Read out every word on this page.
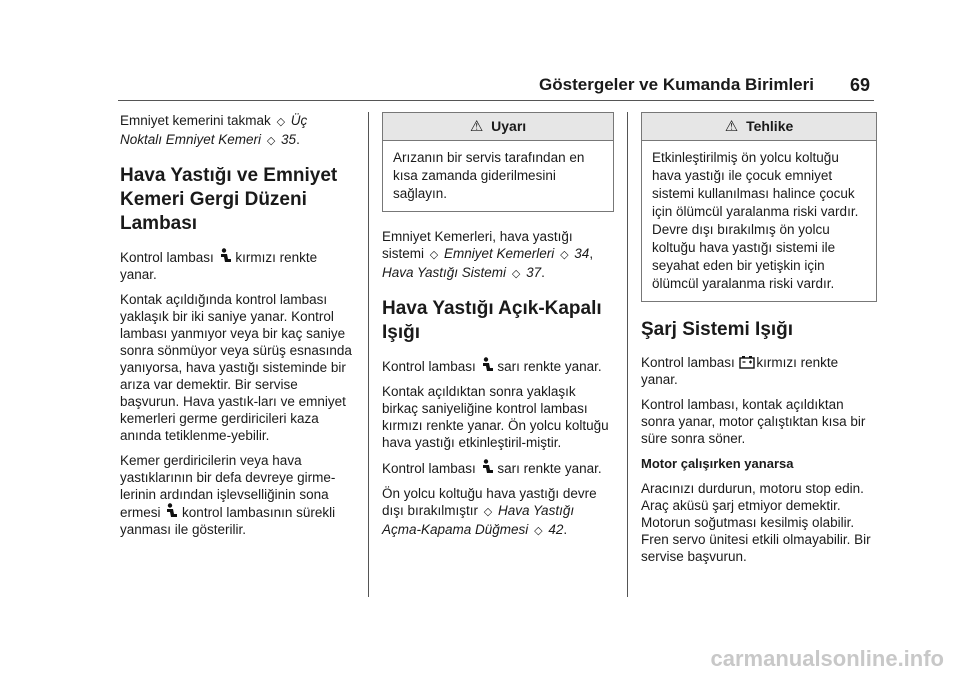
Göstergeler ve Kumanda Birimleri 69

Emniyet kemerini takmak ◇ Üç Noktalı Emniyet Kemeri ◇ 35.

Hava Yastığı ve Emniyet Kemeri Gergi Düzeni Lambası

Kontrol lambası kırmızı renkte yanar.

Kontak açıldığında kontrol lambası yaklaşık bir iki saniye yanar. Kontrol lambası yanmıyor veya bir kaç saniye sonra sönmüyor veya sürüş esnasında yanıyorsa, hava yastığı sisteminde bir arıza var demektir. Bir servise başvurun. Hava yastık-ları ve emniyet kemerleri germe gerdiricileri kaza anında tetiklenme-yebilir.

Kemer gerdiricilerin veya hava yastıklarının bir defa devreye girme-lerinin ardından işlevselliğinin sona ermesi kontrol lambasının sürekli yanması ile gösterilir.

⚠ Uyarı
Arızanın bir servis tarafından en kısa zamanda giderilmesini sağlayın.

Emniyet Kemerleri, hava yastığı sistemi ◇ Emniyet Kemerleri ◇ 34, Hava Yastığı Sistemi ◇ 37.

Hava Yastığı Açık-Kapalı Işığı

Kontrol lambası sarı renkte yanar.

Kontak açıldıktan sonra yaklaşık birkaç saniyeliğine kontrol lambası kırmızı renkte yanar. Ön yolcu koltuğu hava yastığı etkinleştiril-miştir.

Kontrol lambası sarı renkte yanar.

Ön yolcu koltuğu hava yastığı devre dışı bırakılmıştır ◇ Hava Yastığı Açma-Kapama Düğmesi ◇ 42.

⚠ Tehlike
Etkinleştirilmiş ön yolcu koltuğu hava yastığı ile çocuk emniyet sistemi kullanılması halince çocuk için ölümcül yaralanma riski vardır. Devre dışı bırakılmış ön yolcu koltuğu hava yastığı sistemi ile seyahat eden bir yetişkin için ölümcül yaralanma riski vardır.
Şarj Sistemi Işığı

Kontrol lambası kırmızı renkte yanar.

Kontrol lambası, kontak açıldıktan sonra yanar, motor çalıştıktan kısa bir süre sonra söner.

Motor çalışırken yanarsa

Aracınızı durdurun, motoru stop edin. Araç aküsü şarj etmiyor demektir. Motorun soğutması kesilmiş olabilir. Fren servo ünitesi etkili olmayabilir. Bir servise başvurun.

carmanualsonline.info
